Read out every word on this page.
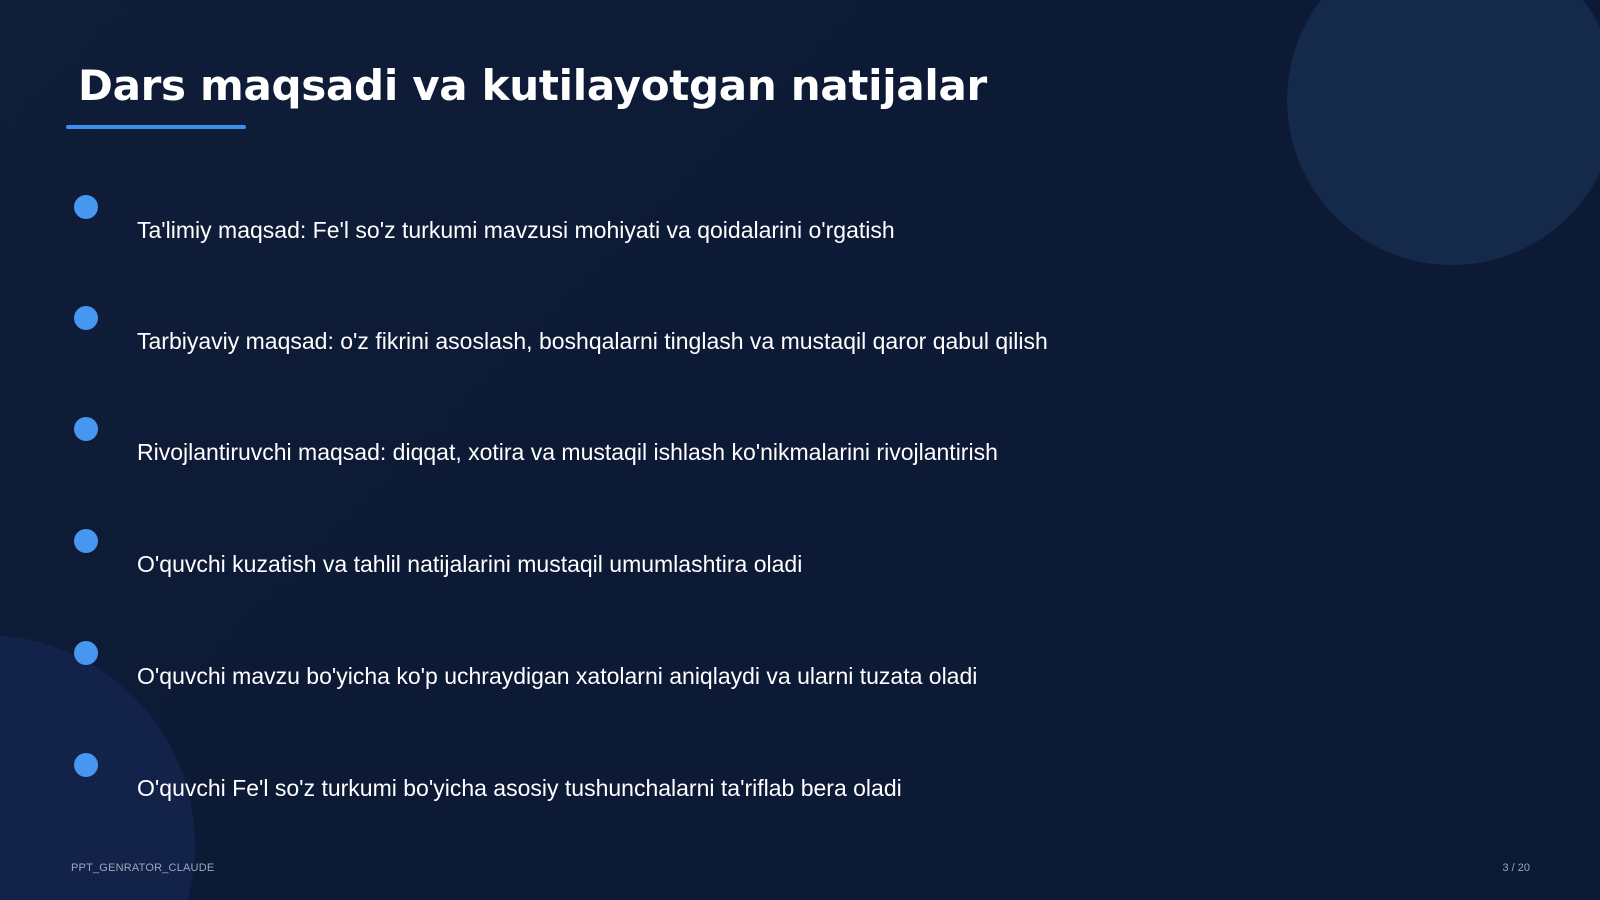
Dars maqsadi va kutilayotgan natijalar
Ta'limiy maqsad: Fe'l so'z turkumi mavzusi mohiyati va qoidalarini o'rgatish
Tarbiyaviy maqsad: o'z fikrini asoslash, boshqalarni tinglash va mustaqil qaror qabul qilish
Rivojlantiruvchi maqsad: diqqat, xotira va mustaqil ishlash ko'nikmalarini rivojlantirish
O'quvchi kuzatish va tahlil natijalarini mustaqil umumlashtira oladi
O'quvchi mavzu bo'yicha ko'p uchraydigan xatolarni aniqlaydi va ularni tuzata oladi
O'quvchi Fe'l so'z turkumi bo'yicha asosiy tushunchalarni ta'riflab bera oladi
PPT_GENRATOR_CLAUDE	3 / 20
